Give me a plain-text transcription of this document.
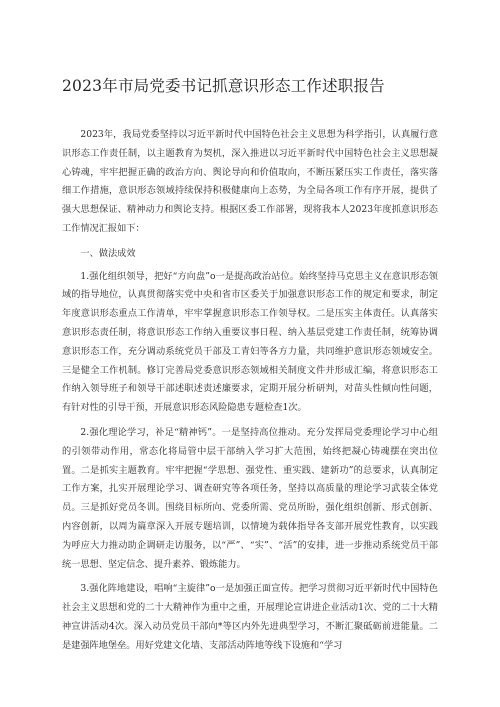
2023年市局党委书记抓意识形态工作述职报告

2023年，我局党委坚持以习近平新时代中国特色社会主义思想为科学指引，认真履行意识形态工作责任制，以主题教育为契机，深入推进以习近平新时代中国特色社会主义思想凝心铸魂，牢牢把握正确的政治方向、舆论导向和价值取向，不断压紧压实工作责任，落实落细工作措施，意识形态领域持续保持积极健康向上态势，为全局各项工作有序开展，提供了强大思想保证、精神动力和舆论支持。根据区委工作部署，现将我本人2023年度抓意识形态工作情况汇报如下：

一、做法成效

1.强化组织领导，把好“方向盘”o一是提高政治站位。始终坚持马克思主义在意识形态领域的指导地位，认真贯彻落实党中央和省市区委关于加强意识形态工作的规定和要求，制定年度意识形态重点工作清单，牢牢掌握意识形态工作领导权。二是压实主体责任。认真落实意识形态责任制，将意识形态工作纳入重要议事日程、纳入基层党建工作责任制，统筹协调意识形态工作，充分调动系统党员干部及工青妇等各方力量，共同维护意识形态领域安全。三是健全工作机制。修订完善局党委意识形态领域相关制度文件并形成汇编，将意识形态工作纳入领导班子和领导干部述职述责述廉要求，定期开展分析研判，对苗头性倾向性问题，有针对性的引导干预，开展意识形态风险隐患专题检查1次。

2.强化理论学习，补足“精神钙”。一是坚持高位推动。充分发挥局党委理论学习中心组的引领带动作用，常态化将局管中层干部纳入学习扩大范围，始终把凝心铸魂摆在突出位置。二是抓实主题教育。牢牢把握“学思想、强党性、重实践、建新功”的总要求，认真制定工作方案，扎实开展理论学习、调查研究等各项任务，坚持以高质量的理论学习武装全体党员。三是抓好党员冬训。围绕目标所向、党委所需、党员所盼，强化组织创新、形式创新、内容创新，以周为篇章深入开展专题培训，以情境为载体指导各支部开展党性教育，以实践为呼应大力推动助企调研走访服务，以“严”、“实”、“活”的安排，进一步推动系统党员干部统一思想、坚定信念、提升素养、锻炼能力。

3.强化阵地建设，唱响“主旋律”o一是加强正面宣传。把学习贯彻习近平新时代中国特色社会主义思想和党的二十大精神作为重中之重，开展理论宣讲进企业活动1次、党的二十大精神宣讲活动4次。深入动员党员干部向*等区内外先进典型学习，不断汇聚砥砺前进能量。二是建强阵地堡垒。用好党建文化墙、支部活动阵地等线下设施和“学习
